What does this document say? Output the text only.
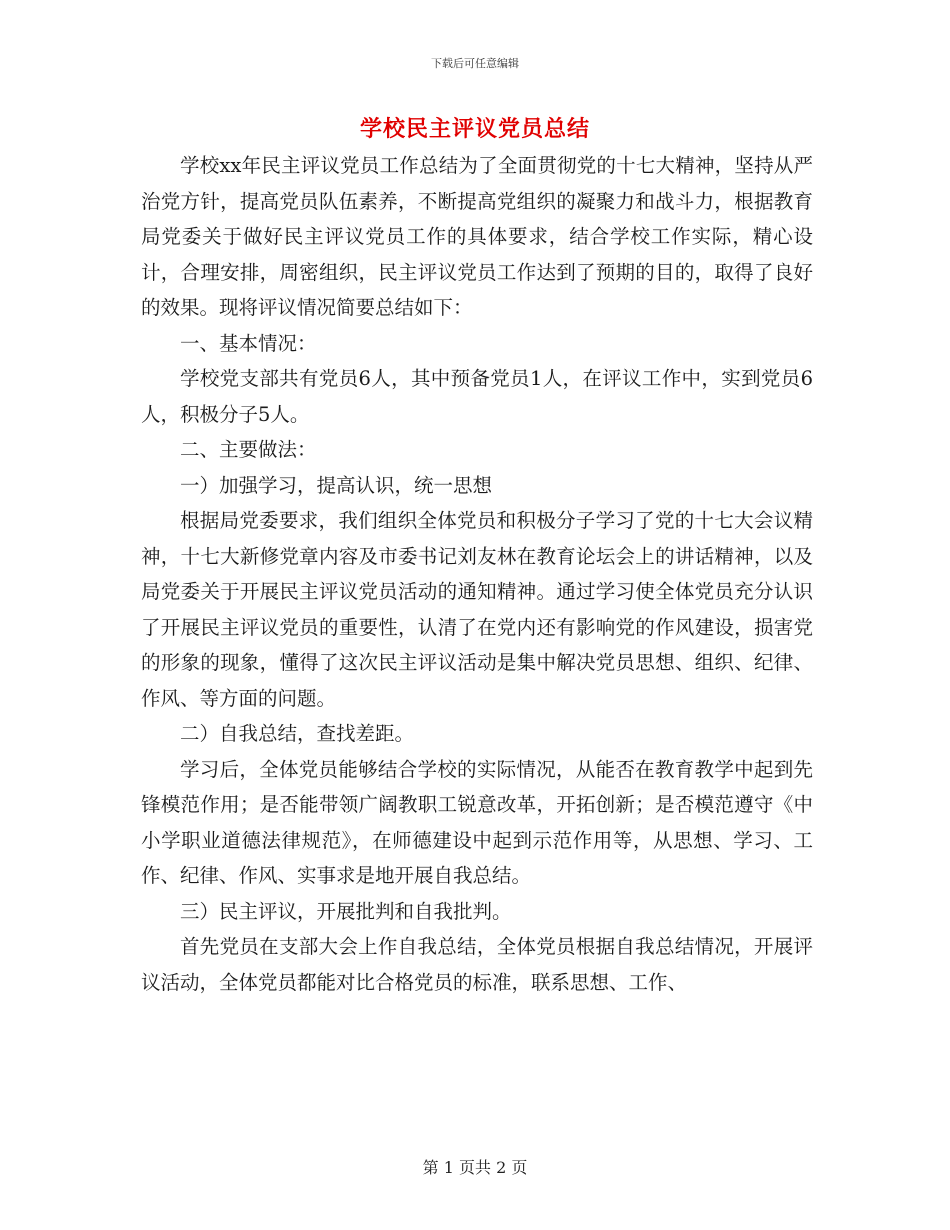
下载后可任意编辑
学校民主评议党员总结

学校xx年民主评议党员工作总结为了全面贯彻党的十七大精神，坚持从严治党方针，提高党员队伍素养，不断提高党组织的凝聚力和战斗力，根据教育局党委关于做好民主评议党员工作的具体要求，结合学校工作实际，精心设计，合理安排，周密组织，民主评议党员工作达到了预期的目的，取得了良好的效果。现将评议情况简要总结如下：

一、基本情况：

学校党支部共有党员6人，其中预备党员1人，在评议工作中，实到党员6人，积极分子5人。

二、主要做法：

一）加强学习，提高认识，统一思想

根据局党委要求，我们组织全体党员和积极分子学习了党的十七大会议精神，十七大新修党章内容及市委书记刘友林在教育论坛会上的讲话精神，以及局党委关于开展民主评议党员活动的通知精神。通过学习使全体党员充分认识了开展民主评议党员的重要性，认清了在党内还有影响党的作风建设，损害党的形象的现象，懂得了这次民主评议活动是集中解决党员思想、组织、纪律、作风、等方面的问题。

二）自我总结，查找差距。

学习后，全体党员能够结合学校的实际情况，从能否在教育教学中起到先锋模范作用；是否能带领广阔教职工锐意改革，开拓创新；是否模范遵守《中小学职业道德法律规范》，在师德建设中起到示范作用等，从思想、学习、工作、纪律、作风、实事求是地开展自我总结。

三）民主评议，开展批判和自我批判。

首先党员在支部大会上作自我总结，全体党员根据自我总结情况，开展评议活动，全体党员都能对比合格党员的标准，联系思想、工作、

第 1 页共 2 页
